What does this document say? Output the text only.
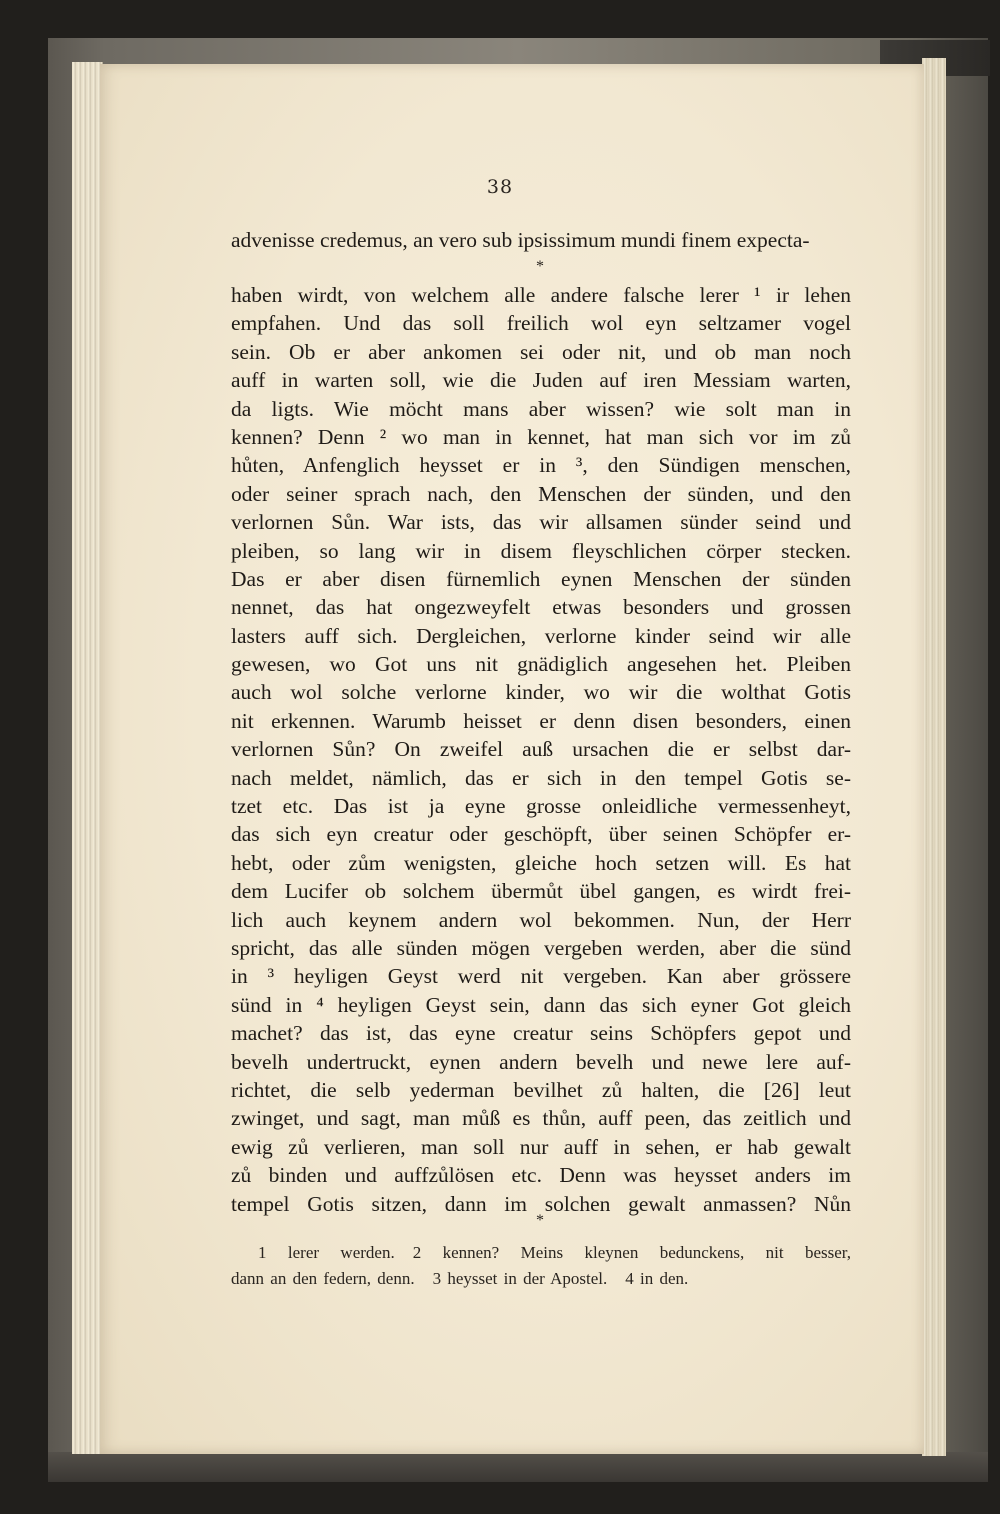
38
advenisse credemus, an vero sub ipsissimum mundi finem expecta-
*
haben wirdt, von welchem alle andere falsche lerer ¹ ir lehen
empfahen. Und das soll freilich wol eyn seltzamer vogel
sein. Ob er aber ankomen sei oder nit, und ob man noch
auff in warten soll, wie die Juden auf iren Messiam warten,
da ligts. Wie möcht mans aber wissen? wie solt man in
kennen? Denn ² wo man in kennet, hat man sich vor im zů
hůten, Anfenglich heysset er in ³, den Sündigen menschen,
oder seiner sprach nach, den Menschen der sünden, und den
verlornen Sůn. War ists, das wir allsamen sünder seind und
pleiben, so lang wir in disem fleyschlichen cörper stecken.
Das er aber disen fürnemlich eynen Menschen der sünden
nennet, das hat ongezweyfelt etwas besonders und grossen
lasters auff sich. Dergleichen, verlorne kinder seind wir alle
gewesen, wo Got uns nit gnädiglich angesehen het. Pleiben
auch wol solche verlorne kinder, wo wir die wolthat Gotis
nit erkennen. Warumb heisset er denn disen besonders, einen
verlornen Sůn? On zweifel auß ursachen die er selbst dar-
nach meldet, nämlich, das er sich in den tempel Gotis se-
tzet etc. Das ist ja eyne grosse onleidliche vermessenheyt,
das sich eyn creatur oder geschöpft, über seinen Schöpfer er-
hebt, oder zům wenigsten, gleiche hoch setzen will. Es hat
dem Lucifer ob solchem übermůt übel gangen, es wirdt frei-
lich auch keynem andern wol bekommen. Nun, der Herr
spricht, das alle sünden mögen vergeben werden, aber die sünd
in ³ heyligen Geyst werd nit vergeben. Kan aber grössere
sünd in ⁴ heyligen Geyst sein, dann das sich eyner Got gleich
machet? das ist, das eyne creatur seins Schöpfers gepot und
bevelh undertruckt, eynen andern bevelh und newe lere auf-
richtet, die selb yederman bevilhet zů halten, die [26] leut
zwinget, und sagt, man můß es thůn, auff peen, das zeitlich und
ewig zů verlieren, man soll nur auff in sehen, er hab gewalt
zů binden und auffzůlösen etc. Denn was heysset anders im
tempel Gotis sitzen, dann im solchen gewalt anmassen? Nůn
*
1 lerer werden. 2 kennen? Meins kleynen bedunckens, nit besser,
dann an den federn, denn. 3 heysset in der Apostel. 4 in den.
